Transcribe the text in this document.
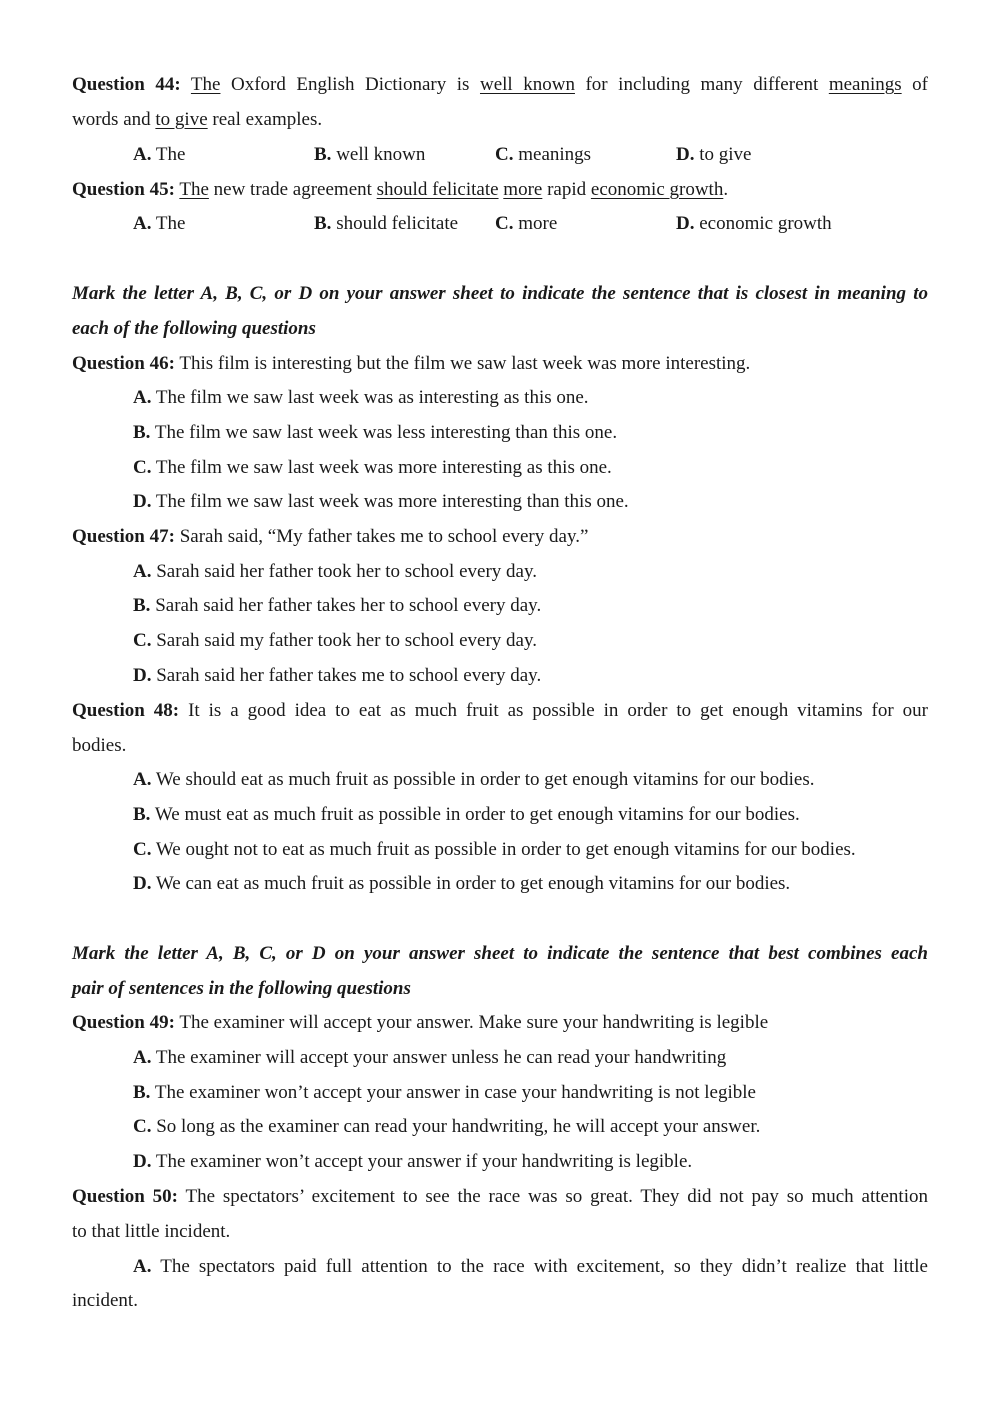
Question 44: The Oxford English Dictionary is well known for including many different meanings of
words and to give real examples.
A. The	B. well known	C. meanings	D. to give
Question 45: The new trade agreement should felicitate more rapid economic growth.
A. The	B. should felicitate C. more	D. economic growth
Mark the letter A, B, C, or D on your answer sheet to indicate the sentence that is closest in meaning to
each of the following questions
Question 46: This film is interesting but the film we saw last week was more interesting.
A. The film we saw last week was as interesting as this one.
B. The film we saw last week was less interesting than this one.
C. The film we saw last week was more interesting as this one.
D. The film we saw last week was more interesting than this one.
Question 47: Sarah said, “My father takes me to school every day.”
A. Sarah said her father took her to school every day.
B. Sarah said her father takes her to school every day.
C. Sarah said my father took her to school every day.
D. Sarah said her father takes me to school every day.
Question 48: It is a good idea to eat as much fruit as possible in order to get enough vitamins for our
bodies.
A. We should eat as much fruit as possible in order to get enough vitamins for our bodies.
B. We must eat as much fruit as possible in order to get enough vitamins for our bodies.
C. We ought not to eat as much fruit as possible in order to get enough vitamins for our bodies.
D. We can eat as much fruit as possible in order to get enough vitamins for our bodies.
Mark the letter A, B, C, or D on your answer sheet to indicate the sentence that best combines each
pair of sentences in the following questions
Question 49: The examiner will accept your answer. Make sure your handwriting is legible
A. The examiner will accept your answer unless he can read your handwriting
B. The examiner won’t accept your answer in case your handwriting is not legible
C. So long as the examiner can read your handwriting, he will accept your answer.
D. The examiner won’t accept your answer if your handwriting is legible.
Question 50: The spectators’ excitement to see the race was so great. They did not pay so much attention
to that little incident.
A. The spectators paid full attention to the race with excitement, so they didn’t realize that little
incident.
